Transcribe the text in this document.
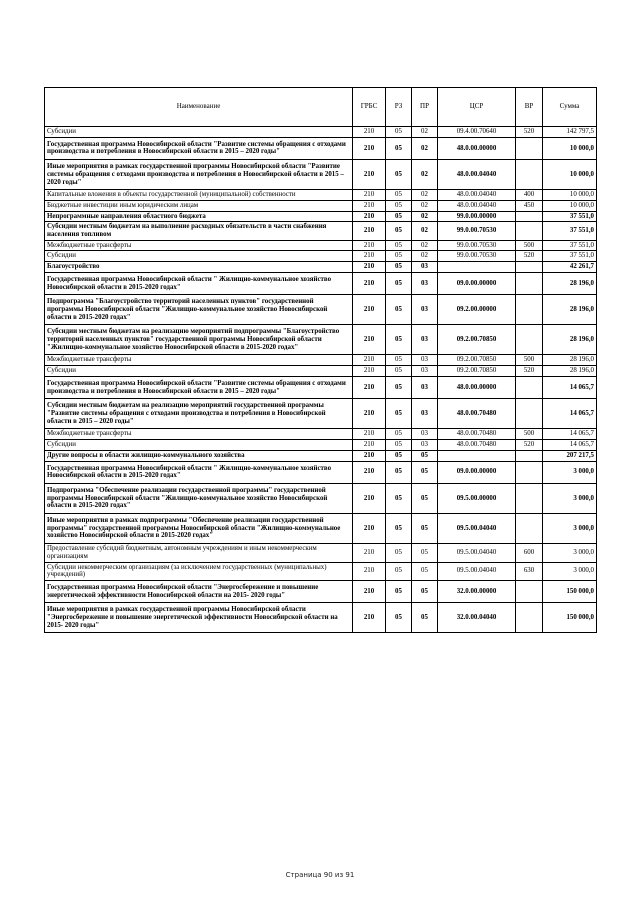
Наименование	ГРБС	РЗ	ПР	ЦСР	ВР	Сумма
Субсидии	210	05	02	09.4.00.70640	520	142 797,5
Государственная программа Новосибирской области "Развитие системы обращения с отходами производства и потребления в Новосибирской области в 2015 – 2020 годы"	210	05	02	48.0.00.00000		10 000,0
Иные мероприятия в рамках государственной программы Новосибирской области "Развитие системы обращения с отходами производства и потребления в Новосибирской области в 2015 – 2020 годы"	210	05	02	48.0.00.04040		10 000,0
Капитальные вложения в объекты государственной (муниципальной) собственности	210	05	02	48.0.00.04040	400	10 000,0
Бюджетные инвестиции иным юридическим лицам	210	05	02	48.0.00.04040	450	10 000,0
Непрограммные направления областного бюджета	210	05	02	99.0.00.00000		37 551,0
Субсидии местным бюджетам на выполнение расходных обязательств в части снабжения населения топливом	210	05	02	99.0.00.70530		37 551,0
Межбюджетные трансферты	210	05	02	99.0.00.70530	500	37 551,0
Субсидии	210	05	02	99.0.00.70530	520	37 551,0
Благоустройство	210	05	03			42 261,7
Государственная программа Новосибирской области " Жилищно-коммунальное хозяйство Новосибирской области в 2015-2020 годах"	210	05	03	09.0.00.00000		28 196,0
Подпрограмма "Благоустройство территорий населенных пунктов" государственной программы Новосибирской области "Жилищно-коммунальное хозяйство Новосибирской области в 2015-2020 годах"	210	05	03	09.2.00.00000		28 196,0
Субсидии местным бюджетам на реализацию мероприятий подпрограммы "Благоустройство территорий населенных пунктов" государственной программы Новосибирской области "Жилищно-коммунальное хозяйство Новосибирской области в 2015-2020 годах"	210	05	03	09.2.00.70850		28 196,0
Межбюджетные трансферты	210	05	03	09.2.00.70850	500	28 196,0
Субсидии	210	05	03	09.2.00.70850	520	28 196,0
Государственная программа Новосибирской области "Развитие системы обращения с отходами производства и потребления в Новосибирской области в 2015 – 2020 годы"	210	05	03	48.0.00.00000		14 065,7
Субсидии местным бюджетам на реализацию мероприятий государственной программы "Развитие системы обращения с отходами производства и потребления в Новосибирской области в 2015 – 2020 годы"	210	05	03	48.0.00.70480		14 065,7
Межбюджетные трансферты	210	05	03	48.0.00.70480	500	14 065,7
Субсидии	210	05	03	48.0.00.70480	520	14 065,7
Другие вопросы в области жилищно-коммунального хозяйства	210	05	05			207 217,5
Государственная программа Новосибирской области " Жилищно-коммунальное хозяйство Новосибирской области в 2015-2020 годах"	210	05	05	09.0.00.00000		3 000,0
Подпрограмма "Обеспечение реализации государственной программы" государственной программы Новосибирской области "Жилищно-коммунальное хозяйство Новосибирской области в 2015-2020 годах"	210	05	05	09.5.00.00000		3 000,0
Иные мероприятия в рамках подпрограммы "Обеспечение реализации государственной программы" государственной программы Новосибирской области "Жилищно-коммунальное хозяйство Новосибирской области в 2015-2020 годах"	210	05	05	09.5.00.04040		3 000,0
Предоставление субсидий бюджетным, автономным учреждениям и иным некоммерческим организациям	210	05	05	09.5.00.04040	600	3 000,0
Субсидии некоммерческим организациям (за исключением государственных (муниципальных) учреждений)	210	05	05	09.5.00.04040	630	3 000,0
Государственная программа Новосибирской области "Энергосбережение и повышение энергетической эффективности Новосибирской области на 2015- 2020 годы"	210	05	05	32.0.00.00000		150 000,0
Иные мероприятия в рамках государственной программы Новосибирской области "Энергосбережение и повышение энергетической эффективности Новосибирской области на 2015- 2020 годы"	210	05	05	32.0.00.04040		150 000,0
Страница 90 из 91
